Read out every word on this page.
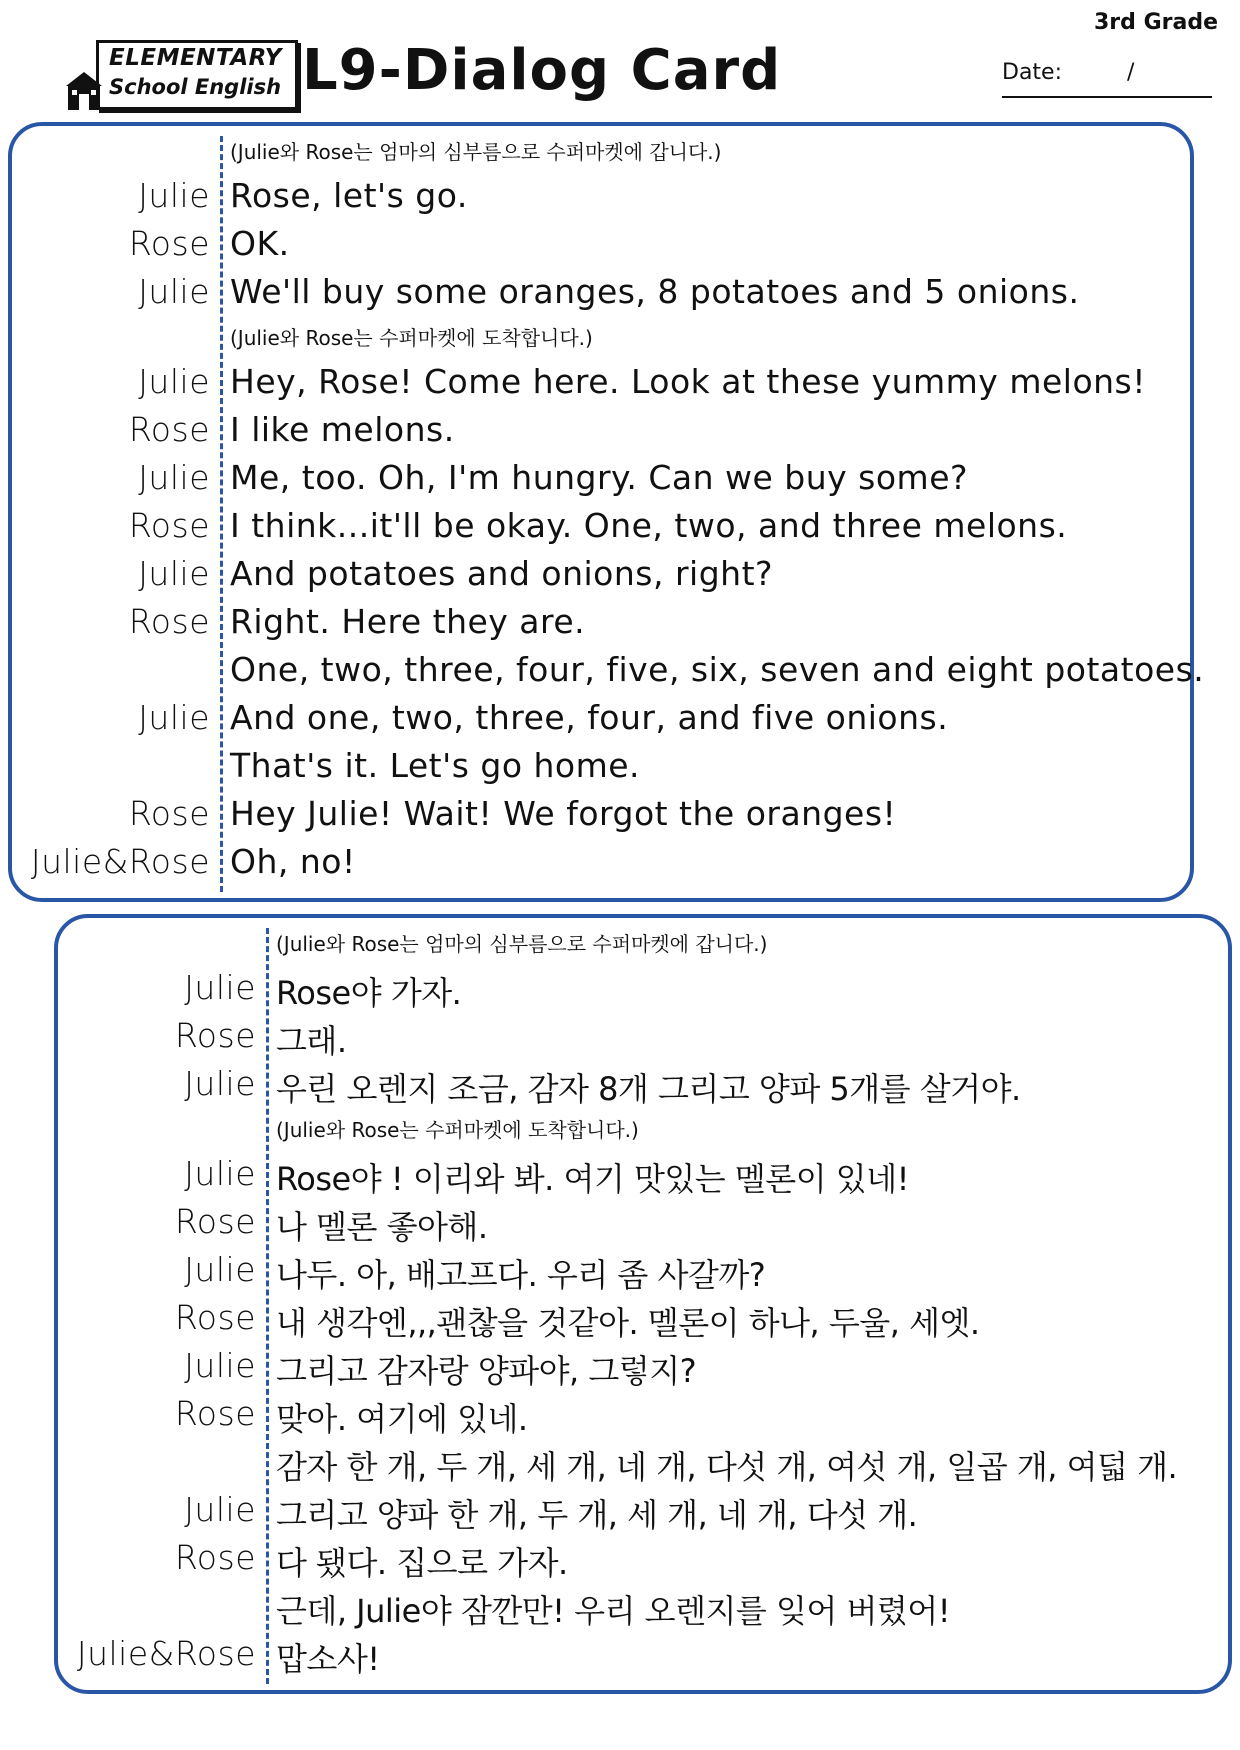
ELEMENTARY
School English L9-Dialog Card
3rd Grade
Date:	/
(Julie와 Rose는 엄마의 심부름으로 수퍼마켓에 갑니다.)
Julie Rose, let's go.
Rose OK.
Julie We'll buy some oranges, 8 potatoes and 5 onions.
(Julie와 Rose는 수퍼마켓에 도착합니다.)
Julie Hey, Rose! Come here. Look at these yummy melons!
Rose I like melons.
Julie Me, too. Oh, I'm hungry. Can we buy some?
Rose I think...it'll be okay. One, two, and three melons.
Julie And potatoes and onions, right?
Rose Right. Here they are.
One, two, three, four, five, six, seven and eight potatoes.
Julie And one, two, three, four, and five onions.
That's it. Let's go home.
Rose Hey Julie! Wait! We forgot the oranges!
Julie&Rose Oh, no!
(Julie와 Rose는 엄마의 심부름으로 수퍼마켓에 갑니다.)
Julie Rose야 가자.
Rose 그래.
Julie 우린 오렌지 조금, 감자 8개 그리고 양파 5개를 살거야.
(Julie와 Rose는 수퍼마켓에 도착합니다.)
Julie Rose야 ! 이리와 봐. 여기 맛있는 멜론이 있네!
Rose 나 멜론 좋아해.
Julie 나두. 아, 배고프다. 우리 좀 사갈까?
Rose 내 생각엔,,,괜찮을 것같아. 멜론이 하나, 두울, 세엣.
Julie 그리고 감자랑 양파야, 그렇지?
Rose 맞아. 여기에 있네.
감자 한 개, 두 개, 세 개, 네 개, 다섯 개, 여섯 개, 일곱 개, 여덟 개.
Julie 그리고 양파 한 개, 두 개, 세 개, 네 개, 다섯 개.
Rose 다 됐다. 집으로 가자.
근데, Julie야 잠깐만! 우리 오렌지를 잊어 버렸어!
Julie&Rose 맙소사!
